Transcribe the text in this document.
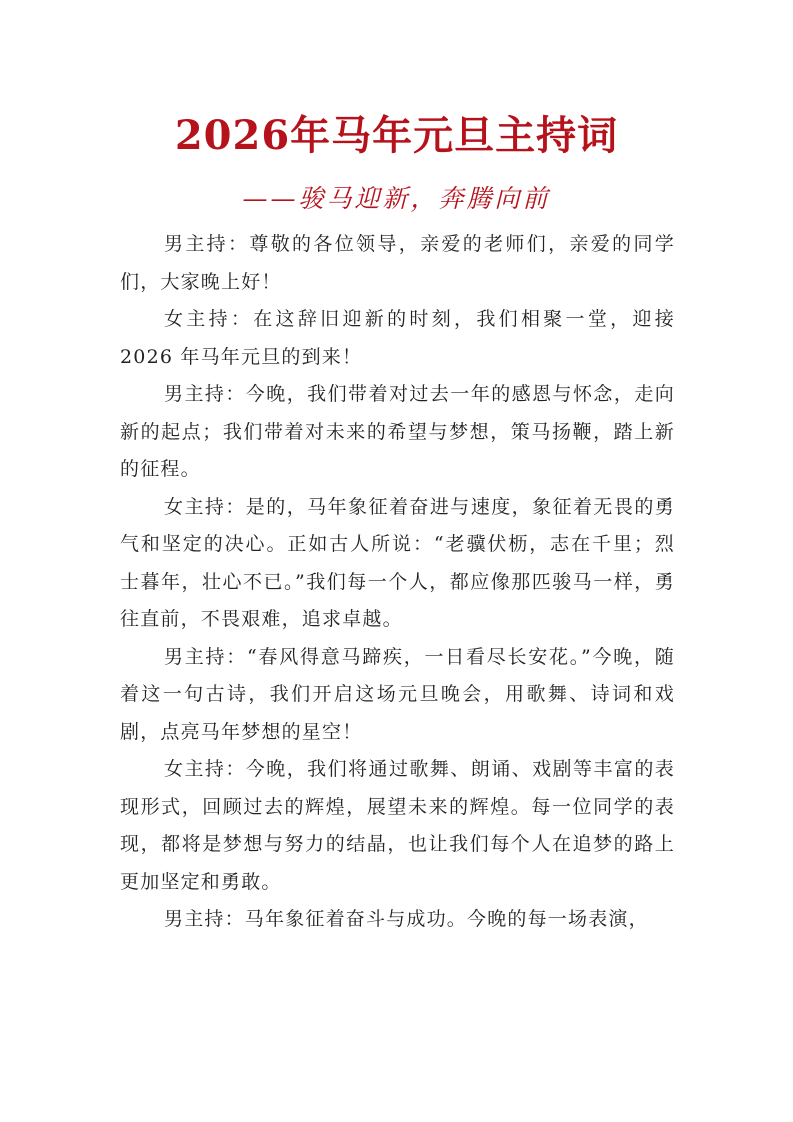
2026年马年元旦主持词
——骏马迎新，奔腾向前

男主持：尊敬的各位领导，亲爱的老师们，亲爱的同学们，大家晚上好！

女主持：在这辞旧迎新的时刻，我们相聚一堂，迎接 2026 年马年元旦的到来！

男主持：今晚，我们带着对过去一年的感恩与怀念，走向新的起点；我们带着对未来的希望与梦想，策马扬鞭，踏上新的征程。

女主持：是的，马年象征着奋进与速度，象征着无畏的勇气和坚定的决心。正如古人所说：“老骥伏枥，志在千里；烈士暮年，壮心不已。”我们每一个人，都应像那匹骏马一样，勇往直前，不畏艰难，追求卓越。

男主持：“春风得意马蹄疾，一日看尽长安花。”今晚，随着这一句古诗，我们开启这场元旦晚会，用歌舞、诗词和戏剧，点亮马年梦想的星空！

女主持：今晚，我们将通过歌舞、朗诵、戏剧等丰富的表现形式，回顾过去的辉煌，展望未来的辉煌。每一位同学的表现，都将是梦想与努力的结晶，也让我们每个人在追梦的路上更加坚定和勇敢。

男主持：马年象征着奋斗与成功。今晚的每一场表演，
